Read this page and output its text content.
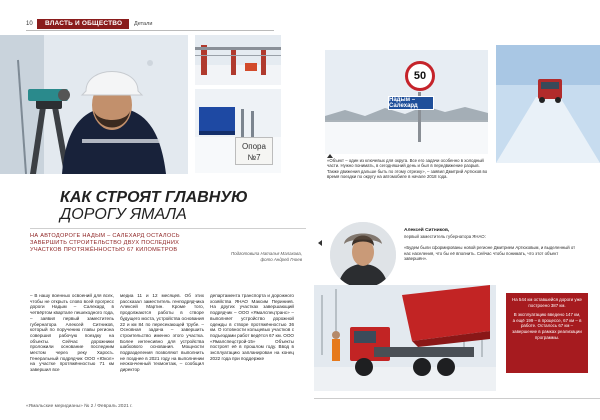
10 ВЛАСТЬ И ОБЩЕСТВО Детали
Опора №7
50
Надым – Салехард
«Объект – один из ключевых для округа. Все его задачи особенно в холодный части. Нужно понимать, в сегодняшний день и был в передвижение разрыв. Также движения дальше быть по этому отрезку», – заявил Дмитрий Артюхов во время поездки по округу на автомобиле в начале 2018 года.
КАК СТРОЯТ ГЛАВНУЮ
ДОРОГУ ЯМАЛА
НА АВТОДОРОГЕ НАДЫМ – САЛЕХАРД ОСТАЛОСЬ ЗАВЕРШИТЬ СТРОИТЕЛЬСТВО ДВУХ ПОСЛЕДНИХ УЧАСТКОВ ПРОТЯЖЁННОСТЬЮ 67 КИЛОМЕТРОВ
Подготовила Наталья Малахова,
фото Андрей Гноев
Алексей Ситников,
первый заместитель губернатора ЯНАО:
«Будем были сформированы новой регионе Дмитрием Артюховым, и выделенный от нас населения, что бы её вполнить. Сейчас чтобы понимать, что этот объект завершён».
– В нашу военных освоений для всех, чтобы не открыть слово всей прогресс дороги Надым – Салехард в четвёртом квартале пешеходного года, – заявил первый заместитель губернатора Алексей Ситников, который по поручению главы региона совершил рабочую поездку на объекты. Сейчас дорожники проложили основание последним местом через реку Харосъ. Генеральный подрядчик ООО «Юкол» на участке протяжённостью 71 км завершил все
медиа 11 и 12 месяцев. Об этих рассказал заместитель генподрядчика Алексей Мартин. Кроме того, продолжаются работы в створе будущего моста, устройства основания 22 и км 84 по пересекающей трубе. – Основная задача – завершить строительство именно этого участка. Более интенсивно для устройства шабхового основания. Мощности подразделения позволяют выполнить не позднее в 2021 году на выполнении неоконченный техмонтаж, – сообщил директор
департамента транспорта и дорожного хозяйства ЯНАО Максим Периниев. На других участках завершающий подрядчик – ООО «Ямалспецтранс» – выполняет устройство дорожной одежды в створе протяжённостью 36 км. О готовности кольцевых участков с подъездами работ ведётся 67 км. ООО «Ямалспецстрой-15» Объекты построят её в прошлом году. Ввод в эксплуатацию запланирован на конец 2022 года при поддержке

На 544 км оставшейся дороги уже построено 387 км.

В эксплуатацию введено 147 км, а ещё 199 – в процессе, 67 км – в работе. Осталось 67 км – завершение в рамках реализации программы.

«Ямальские меридианы» № 2 / Февраль 2021 г.
